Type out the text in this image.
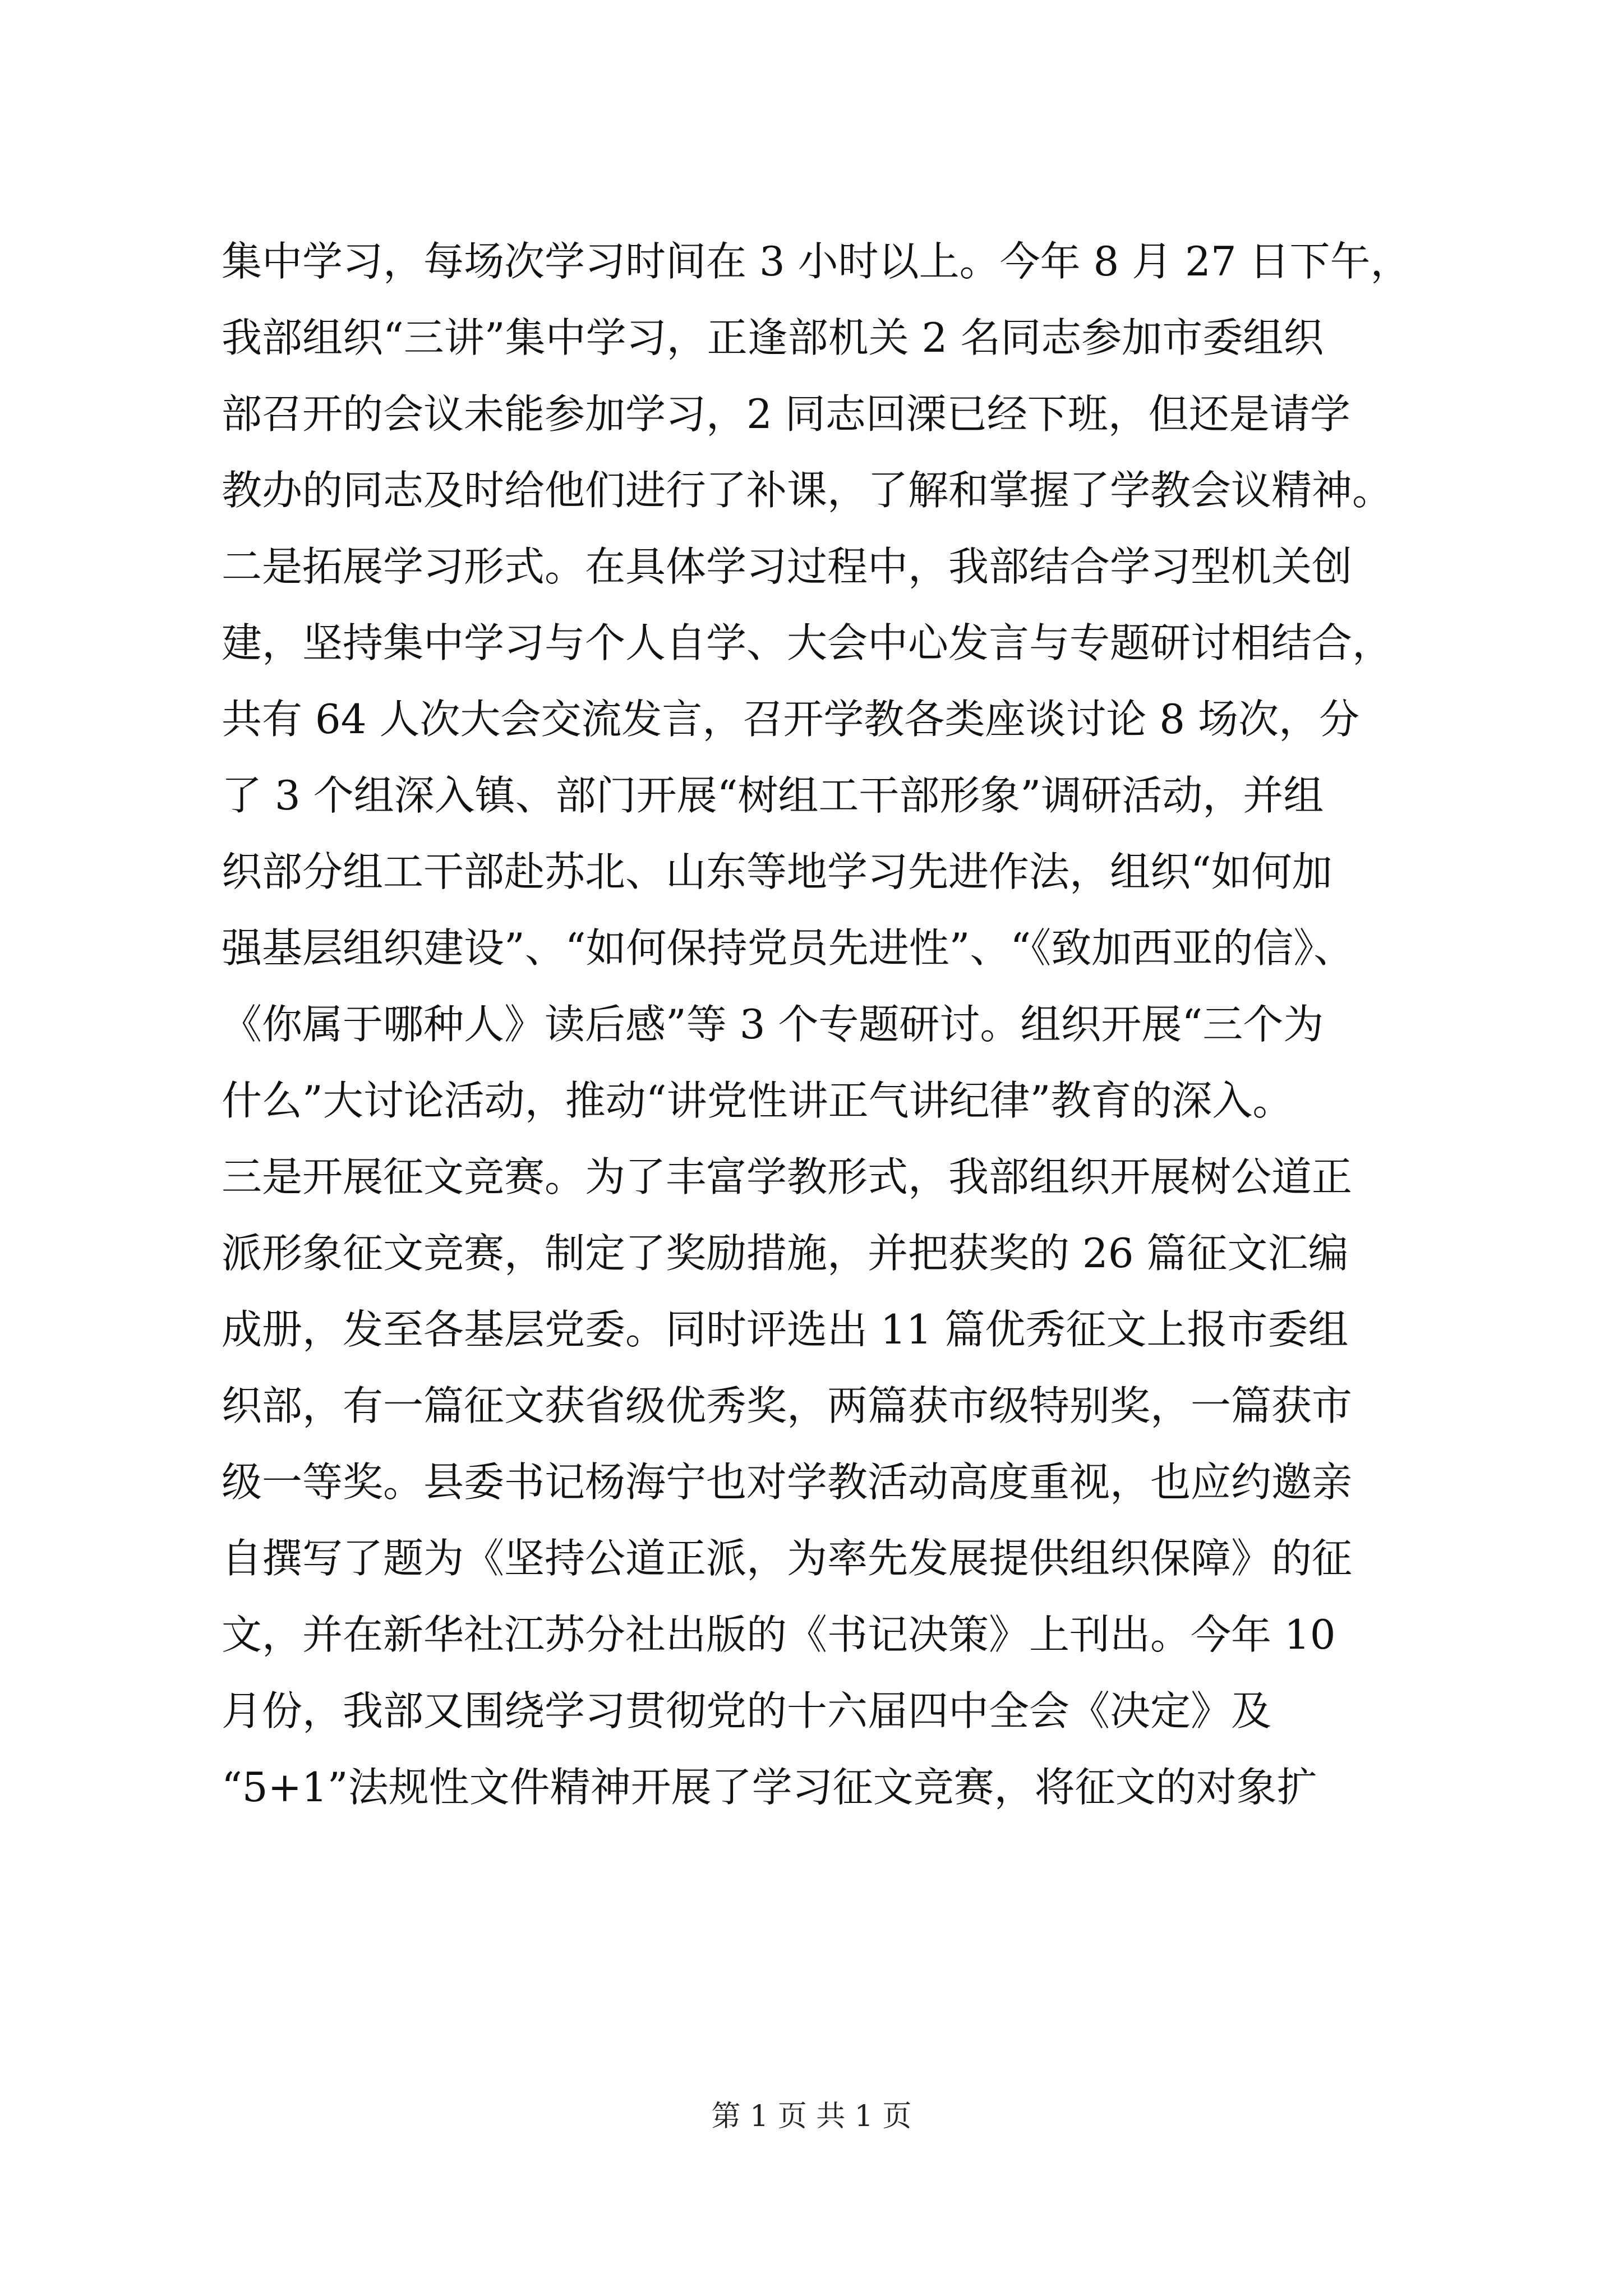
集中学习，每场次学习时间在 3 小时以上。今年 8 月 27 日下午，
我部组织“三讲”集中学习，正逢部机关 2 名同志参加市委组织
部召开的会议未能参加学习，2 同志回溧已经下班，但还是请学
教办的同志及时给他们进行了补课，了解和掌握了学教会议精神。
二是拓展学习形式。在具体学习过程中，我部结合学习型机关创
建，坚持集中学习与个人自学、大会中心发言与专题研讨相结合，
共有 64 人次大会交流发言，召开学教各类座谈讨论 8 场次，分
了 3 个组深入镇、部门开展“树组工干部形象”调研活动，并组
织部分组工干部赴苏北、山东等地学习先进作法，组织“如何加
强基层组织建设”、“如何保持党员先进性”、“《致加西亚的信》、
《你属于哪种人》读后感”等 3 个专题研讨。组织开展“三个为
什么”大讨论活动，推动“讲党性讲正气讲纪律”教育的深入。
三是开展征文竞赛。为了丰富学教形式，我部组织开展树公道正
派形象征文竞赛，制定了奖励措施，并把获奖的 26 篇征文汇编
成册，发至各基层党委。同时评选出 11 篇优秀征文上报市委组
织部，有一篇征文获省级优秀奖，两篇获市级特别奖，一篇获市
级一等奖。县委书记杨海宁也对学教活动高度重视，也应约邀亲
自撰写了题为《坚持公道正派，为率先发展提供组织保障》的征
文，并在新华社江苏分社出版的《书记决策》上刊出。今年 10
月份，我部又围绕学习贯彻党的十六届四中全会《决定》及
“5+1”法规性文件精神开展了学习征文竞赛，将征文的对象扩
第 1 页 共 1 页
